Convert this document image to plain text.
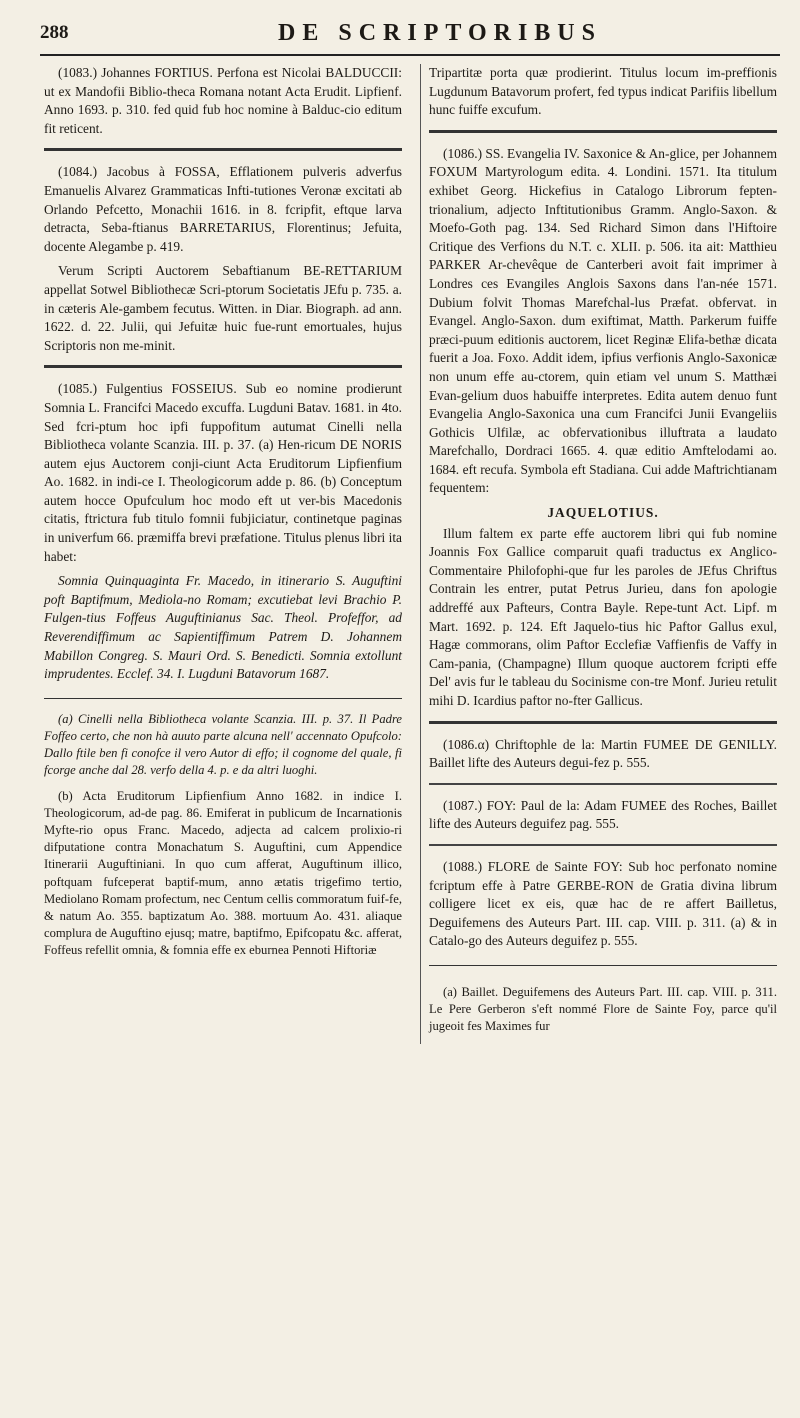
288	DE SCRIPTORIBUS

(1083.) Johannes FORTIUS. Perfona est Nicolai BALDUCCII: ut ex Mandofii Biblio-theca Romana notant Acta Erudit. Lipfienf. Anno 1693. p. 310. fed quid fub hoc nomine à Balduc-cio editum fit reticent.

(1084.) Jacobus à FOSSA, Efflationem pulveris adverfus Emanuelis Alvarez Grammaticas Infti-tutiones Veronæ excitati ab Orlando Pefcetto, Monachii 1616. in 8. fcripfit, eftque larva detracta, Seba-ftianus BARRETARIUS, Florentinus; Jefuita, docente Alegambe p. 419.

Verum Scripti Auctorem Sebaftianum BE-RETTARIUM appellat Sotwel Bibliothecæ Scri-ptorum Societatis JEfu p. 735. a. in cæteris Ale-gambem fecutus. Witten. in Diar. Biograph. ad ann. 1622. d. 22. Julii, qui Jefuitæ huic fue-runt emortuales, hujus Scriptoris non me-minit.

(1085.) Fulgentius FOSSEIUS. Sub eo nomine prodierunt Somnia L. Francifci Macedo excuffa. Lugduni Batav. 1681. in 4to. Sed fcri-ptum hoc ipfi fuppofitum autumat Cinelli nella Bibliotheca volante Scanzia. III. p. 37. (a) Hen-ricum DE NORIS autem ejus Auctorem conji-ciunt Acta Eruditorum Lipfienfium Ao. 1682. in indi-ce I. Theologicorum adde p. 86. (b) Conceptum autem hocce Opufculum hoc modo eft ut ver-bis Macedonis citatis, ftrictura fub titulo fomnii fubjiciatur, continetque paginas in univerfum 66. præmiffa brevi præfatione. Titulus plenus libri ita habet:

Somnia Quinquaginta Fr. Macedo, in itinerario S. Auguftini poft Baptifmum, Mediola-no Romam; excutiebat levi Brachio P. Fulgen-tius Foffeus Auguftinianus Sac. Theol. Profeffor, ad Reverendiffimum ac Sapientiffimum Patrem D. Johannem Mabillon Congreg. S. Mauri Ord. S. Benedicti. Somnia extollunt imprudentes. Ecclef. 34. I. Lugduni Batavorum 1687.

(a) Cinelli nella Bibliotheca volante Scanzia. III. p. 37. Il Padre Foffeo certo, che non hà auuto parte alcuna nell' accennato Opufcolo: Dallo ftile ben fi conofce il vero Autor di effo; il cognome del quale, fi fcorge anche dal 28. verfo della 4. p. e da altri luoghi.

(b) Acta Eruditorum Lipfienfium Anno 1682. in indice I. Theologicorum, ad-de pag. 86. Emiferat in publicum de Incarnationis Myfte-rio opus Franc. Macedo, adjecta ad calcem prolixio-ri difputatione contra Monachatum S. Auguftini, cum Appendice Itinerarii Auguftiniani. In quo cum afferat, Auguftinum illico, poftquam fufceperat baptif-mum, anno ætatis trigefimo tertio, Mediolano Romam profectum, nec Centum cellis commoratum fuif-fe, & natum Ao. 355. baptizatum Ao. 388. mortuum Ao. 431. aliaque complura de Auguftino ejusq; matre, baptifmo, Epifcopatu &c. afferat, Foffeus refellit omnia, & fomnia effe ex eburnea Pennoti Hiftoriæ

Tripartitæ porta quæ prodierint. Titulus locum im-preffionis Lugdunum Batavorum profert, fed typus indicat Parifiis libellum hunc fuiffe excufum.

(1086.) SS. Evangelia IV. Saxonice & An-glice, per Johannem FOXUM Martyrologum edita. 4. Londini. 1571. Ita titulum exhibet Georg. Hickefius in Catalogo Librorum fepten-trionalium, adjecto Inftitutionibus Gramm. Anglo-Saxon. & Moefo-Goth pag. 134. Sed Richard Simon dans l'Hiftoire Critique des Verfions du N.T. c. XLII. p. 506. ita ait: Matthieu PARKER Ar-chevêque de Canterberi avoit fait imprimer à Londres ces Evangiles Anglois Saxons dans l'an-née 1571. Dubium folvit Thomas Marefchal-lus Præfat. obfervat. in Evangel. Anglo-Saxon. dum exiftimat, Matth. Parkerum fuiffe præci-puum editionis auctorem, licet Reginæ Elifa-bethæ dicata fuerit a Joa. Foxo. Addit idem, ipfius verfionis Anglo-Saxonicæ non unum effe au-ctorem, quin etiam vel unum S. Matthæi Evan-gelium duos habuiffe interpretes. Edita autem denuo funt Evangelia Anglo-Saxonica una cum Francifci Junii Evangeliis Gothicis Ulfilæ, ac obfervationibus illuftrata a laudato Marefchallo, Dordraci 1665. 4. quæ editio Amftelodami ao. 1684. eft recufa. Symbola eft Stadiana. Cui adde Maftrichtianam fequentem:

JAQUELOTIUS.

Illum faltem ex parte effe auctorem libri qui fub nomine Joannis Fox Gallice comparuit quafi traductus ex Anglico-Commentaire Philofophi-que fur les paroles de JEfus Chriftus Contrain les entrer, putat Petrus Jurieu, dans fon apologie addreffé aux Pafteurs, Contra Bayle. Repe-tunt Act. Lipf. m Mart. 1692. p. 124. Eft Jaquelo-tius hic Paftor Gallus exul, Hagæ commorans, olim Paftor Ecclefiæ Vaffienfis de Vaffy in Cam-pania, (Champagne) Illum quoque auctorem fcripti effe Del' avis fur le tableau du Socinisme con-tre Monf. Jurieu retulit mihi D. Icardius paftor no-fter Gallicus.

(1086.α) Chriftophle de la: Martin FUMEE DE GENILLY. Baillet lifte des Auteurs degui-fez p. 555.

(1087.) FOY: Paul de la: Adam FUMEE des Roches, Baillet lifte des Auteurs deguifez pag. 555.

(1088.) FLORE de Sainte FOY: Sub hoc perfonato nomine fcriptum effe à Patre GERBE-RON de Gratia divina librum colligere licet ex eis, quæ hac de re affert Bailletus, Deguifemens des Auteurs Part. III. cap. VIII. p. 311. (a) & in Catalo-go des Auteurs deguifez p. 555.

(a) Baillet. Deguifemens des Auteurs Part. III. cap. VIII. p. 311. Le Pere Gerberon s'eft nommé Flore de Sainte Foy, parce qu'il jugeoit fes Maximes fur
